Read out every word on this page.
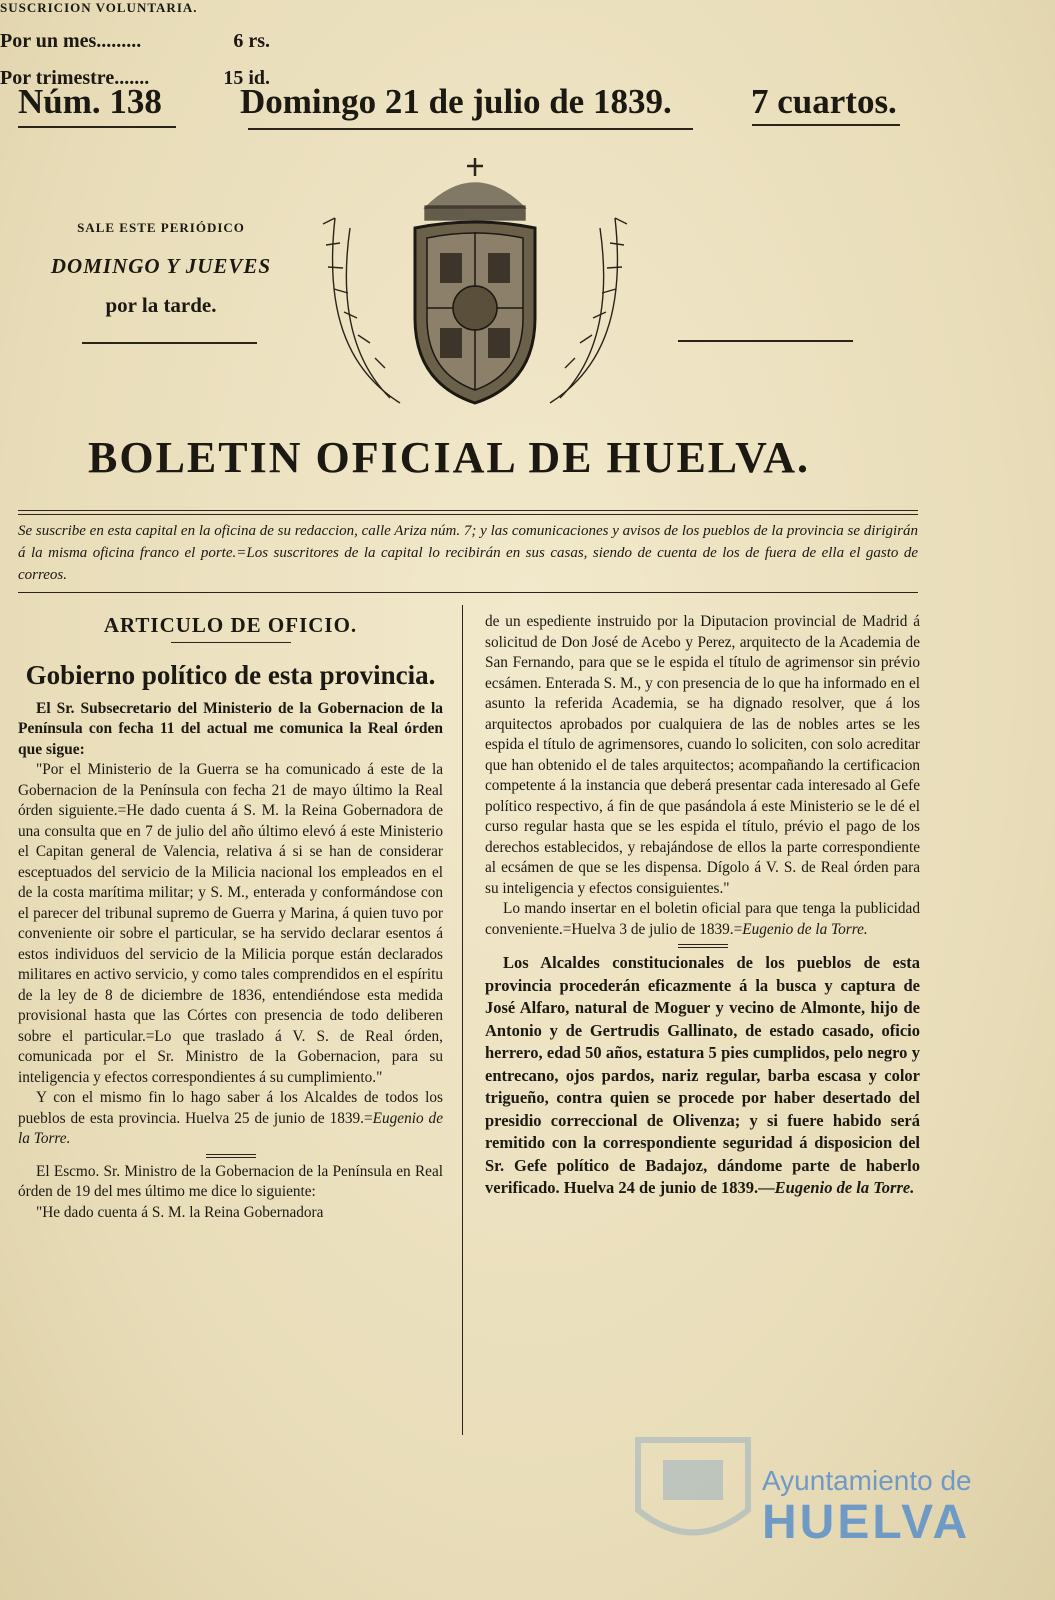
Núm. 138 Domingo 21 de julio de 1839. 7 cuartos.
SALE ESTE PERIÓDICO
DOMINGO Y JUEVES
por la tarde.
SUSCRICION VOLUNTARIA.
Por un mes.........	6 rs.
Por trimestre.......	15 id.
BOLETIN OFICIAL DE HUELVA.
Se suscribe en esta capital en la oficina de su redaccion, calle Ariza núm. 7; y las comunicaciones y avisos de los pueblos de la provincia se dirigirán á la misma oficina franco el porte.=Los suscritores de la capital lo recibirán en sus casas, siendo de cuenta de los de fuera de ella el gasto de correos.
ARTICULO DE OFICIO.
Gobierno político de esta provincia.

El Sr. Subsecretario del Ministerio de la Gobernacion de la Península con fecha 11 del actual me comunica la Real órden que sigue:

"Por el Ministerio de la Guerra se ha comunicado á este de la Gobernacion de la Península con fecha 21 de mayo último la Real órden siguiente.=He dado cuenta á S. M. la Reina Gobernadora de una consulta que en 7 de julio del año último elevó á este Ministerio el Capitan general de Valencia, relativa á si se han de considerar esceptuados del servicio de la Milicia nacional los empleados en el de la costa marítima militar; y S. M., enterada y conformándose con el parecer del tribunal supremo de Guerra y Marina, á quien tuvo por conveniente oir sobre el particular, se ha servido declarar esentos á estos individuos del servicio de la Milicia porque están declarados militares en activo servicio, y como tales comprendidos en el espíritu de la ley de 8 de diciembre de 1836, entendiéndose esta medida provisional hasta que las Córtes con presencia de todo deliberen sobre el particular.=Lo que traslado á V. S. de Real órden, comunicada por el Sr. Ministro de la Gobernacion, para su inteligencia y efectos correspondientes á su cumplimiento."

Y con el mismo fin lo hago saber á los Alcaldes de todos los pueblos de esta provincia. Huelva 25 de junio de 1839.=Eugenio de la Torre.

El Escmo. Sr. Ministro de la Gobernacion de la Península en Real órden de 19 del mes último me dice lo siguiente:

"He dado cuenta á S. M. la Reina Gobernadora

de un espediente instruido por la Diputacion provincial de Madrid á solicitud de Don José de Acebo y Perez, arquitecto de la Academia de San Fernando, para que se le espida el título de agrimensor sin prévio ecsámen. Enterada S. M., y con presencia de lo que ha informado en el asunto la referida Academia, se ha dignado resolver, que á los arquitectos aprobados por cualquiera de las de nobles artes se les espida el título de agrimensores, cuando lo soliciten, con solo acreditar que han obtenido el de tales arquitectos; acompañando la certificacion competente á la instancia que deberá presentar cada interesado al Gefe político respectivo, á fin de que pasándola á este Ministerio se le dé el curso regular hasta que se les espida el título, prévio el pago de los derechos establecidos, y rebajándose de ellos la parte correspondiente al ecsámen de que se les dispensa. Dígolo á V. S. de Real órden para su inteligencia y efectos consiguientes."

Lo mando insertar en el boletin oficial para que tenga la publicidad conveniente.=Huelva 3 de julio de 1839.=Eugenio de la Torre.

Los Alcaldes constitucionales de los pueblos de esta provincia procederán eficazmente á la busca y captura de José Alfaro, natural de Moguer y vecino de Almonte, hijo de Antonio y de Gertrudis Gallinato, de estado casado, oficio herrero, edad 50 años, estatura 5 pies cumplidos, pelo negro y entrecano, ojos pardos, nariz regular, barba escasa y color trigueño, contra quien se procede por haber desertado del presidio correccional de Olivenza; y si fuere habido será remitido con la correspondiente seguridad á disposicion del Sr. Gefe político de Badajoz, dándome parte de haberlo verificado. Huelva 24 de junio de 1839.—Eugenio de la Torre.

Ayuntamiento de
HUELVA
